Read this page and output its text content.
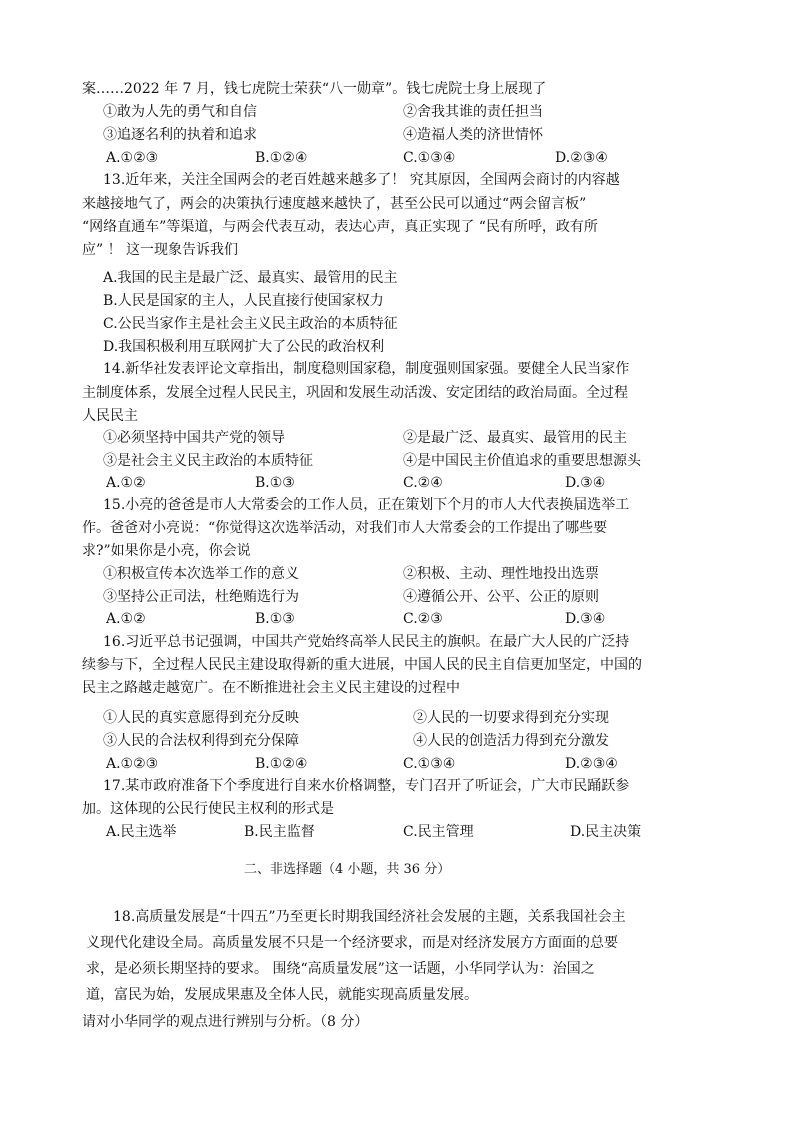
案……2022 年 7 月，钱七虎院士荣获“八一勋章”。钱七虎院士身上展现了
①敢为人先的勇气和自信	②舍我其谁的责任担当
③追逐名利的执着和追求	④造福人类的济世情怀
A.①②③	B.①②④	C.①③④	D.②③④
13.近年来，关注全国两会的老百姓越来越多了！ 究其原因，全国两会商讨的内容越
来越接地气了，两会的决策执行速度越来越快了，甚至公民可以通过“两会留言板”
“网络直通车”等渠道，与两会代表互动，表达心声，真正实现了 “民有所呼，政有所
应” ！ 这一现象告诉我们
A.我国的民主是最广泛、最真实、最管用的民主
B.人民是国家的主人，人民直接行使国家权力
C.公民当家作主是社会主义民主政治的本质特征
D.我国积极利用互联网扩大了公民的政治权利
14.新华社发表评论文章指出，制度稳则国家稳，制度强则国家强。要健全人民当家作
主制度体系，发展全过程人民民主，巩固和发展生动活泼、安定团结的政治局面。全过程
人民民主
①必须坚持中国共产党的领导	②是最广泛、最真实、最管用的民主
③是社会主义民主政治的本质特征	④是中国民主价值追求的重要思想源头
A.①②	B.①③	C.②④	D.③④
15.小亮的爸爸是市人大常委会的工作人员，正在策划下个月的市人大代表换届选举工
作。爸爸对小亮说：“你觉得这次选举活动，对我们市人大常委会的工作提出了哪些要
求?”如果你是小亮，你会说
①积极宣传本次选举工作的意义	②积极、主动、理性地投出选票
③坚持公正司法，杜绝贿选行为	④遵循公开、公平、公正的原则
A.①②	B.①③	C.②③	D.③④
16.习近平总书记强调，中国共产党始终高举人民民主的旗帜。在最广大人民的广泛持
续参与下，全过程人民民主建设取得新的重大进展，中国人民的民主自信更加坚定，中国的
民主之路越走越宽广。在不断推进社会主义民主建设的过程中
①人民的真实意愿得到充分反映	②人民的一切要求得到充分实现
③人民的合法权利得到充分保障	④人民的创造活力得到充分激发
A.①②③	B.①②④	C.①③④	D.②③④
17.某市政府准备下个季度进行自来水价格调整，专门召开了听证会，广大市民踊跃参
加。这体现的公民行使民主权利的形式是
A.民主选举	B.民主监督	C.民主管理	D.民主决策
二、非选择题（4 小题，共 36 分）
18.高质量发展是“十四五”乃至更长时期我国经济社会发展的主题，关系我国社会主
义现代化建设全局。高质量发展不只是一个经济要求，而是对经济发展方方面面的总要
求，是必须长期坚持的要求。 围绕“高质量发展”这一话题，小华同学认为：治国之
道，富民为始，发展成果惠及全体人民，就能实现高质量发展。
请对小华同学的观点进行辨别与分析。（8 分）
